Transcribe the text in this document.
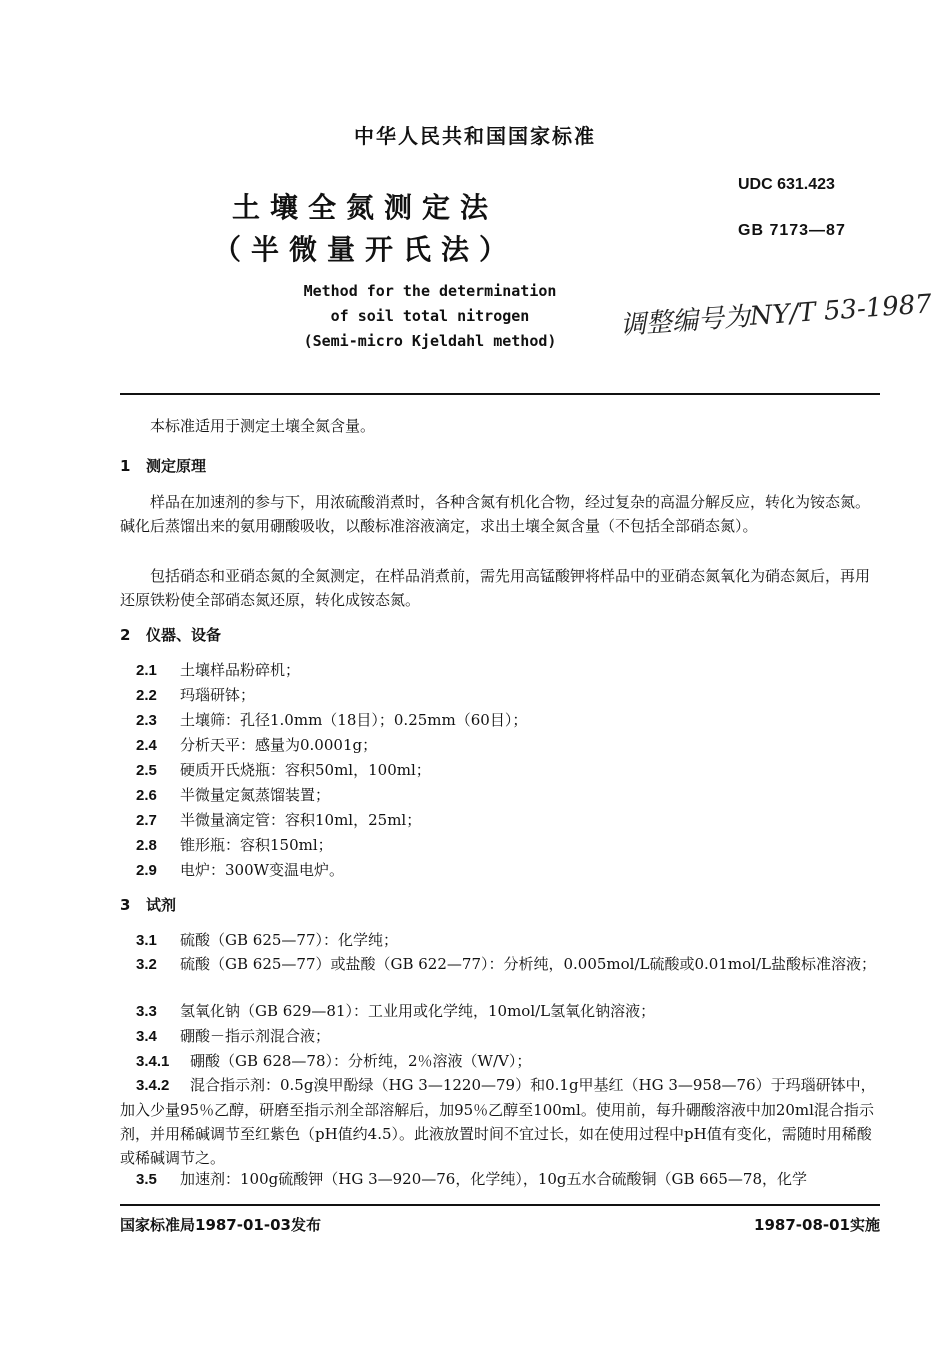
中华人民共和国国家标准
土壤全氮测定法
（半微量开氏法）
UDC 631.423
GB 7173—87
Method for the determination
of soil total nitrogen
(Semi-micro Kjeldahl method)
调整编号为NY/T 53-1987
本标准适用于测定土壤全氮含量。
1 测定原理
样品在加速剂的参与下，用浓硫酸消煮时，各种含氮有机化合物，经过复杂的高温分解反应，转化为铵态氮。碱化后蒸馏出来的氨用硼酸吸收，以酸标准溶液滴定，求出土壤全氮含量（不包括全部硝态氮）。
包括硝态和亚硝态氮的全氮测定，在样品消煮前，需先用高锰酸钾将样品中的亚硝态氮氧化为硝态氮后，再用还原铁粉使全部硝态氮还原，转化成铵态氮。
2 仪器、设备
2.1 土壤样品粉碎机；
2.2 玛瑙研钵；
2.3 土壤筛：孔径1.0mm（18目）；0.25mm（60目）；
2.4 分析天平：感量为0.0001g；
2.5 硬质开氏烧瓶：容积50ml，100ml；
2.6 半微量定氮蒸馏装置；
2.7 半微量滴定管：容积10ml，25ml；
2.8 锥形瓶：容积150ml；
2.9 电炉：300W变温电炉。
3 试剂
3.1 硫酸（GB 625—77）：化学纯；
3.2 硫酸（GB 625—77）或盐酸（GB 622—77）：分析纯，0.005mol/L硫酸或0.01mol/L盐酸标准溶液；
3.3 氢氧化钠（GB 629—81）：工业用或化学纯，10mol/L氢氧化钠溶液；
3.4 硼酸－指示剂混合液；
3.4.1 硼酸（GB 628—78）：分析纯，2％溶液（W/V）；
3.4.2 混合指示剂：0.5g溴甲酚绿（HG 3—1220—79）和0.1g甲基红（HG 3—958—76）于玛瑙研钵中，加入少量95％乙醇，研磨至指示剂全部溶解后，加95％乙醇至100ml。使用前，每升硼酸溶液中加20ml混合指示剂，并用稀碱调节至红紫色（pH值约4.5）。此液放置时间不宜过长，如在使用过程中pH值有变化，需随时用稀酸或稀碱调节之。
3.5 加速剂：100g硫酸钾（HG 3—920—76，化学纯），10g五水合硫酸铜（GB 665—78，化学
国家标准局1987-01-03发布	1987-08-01实施
